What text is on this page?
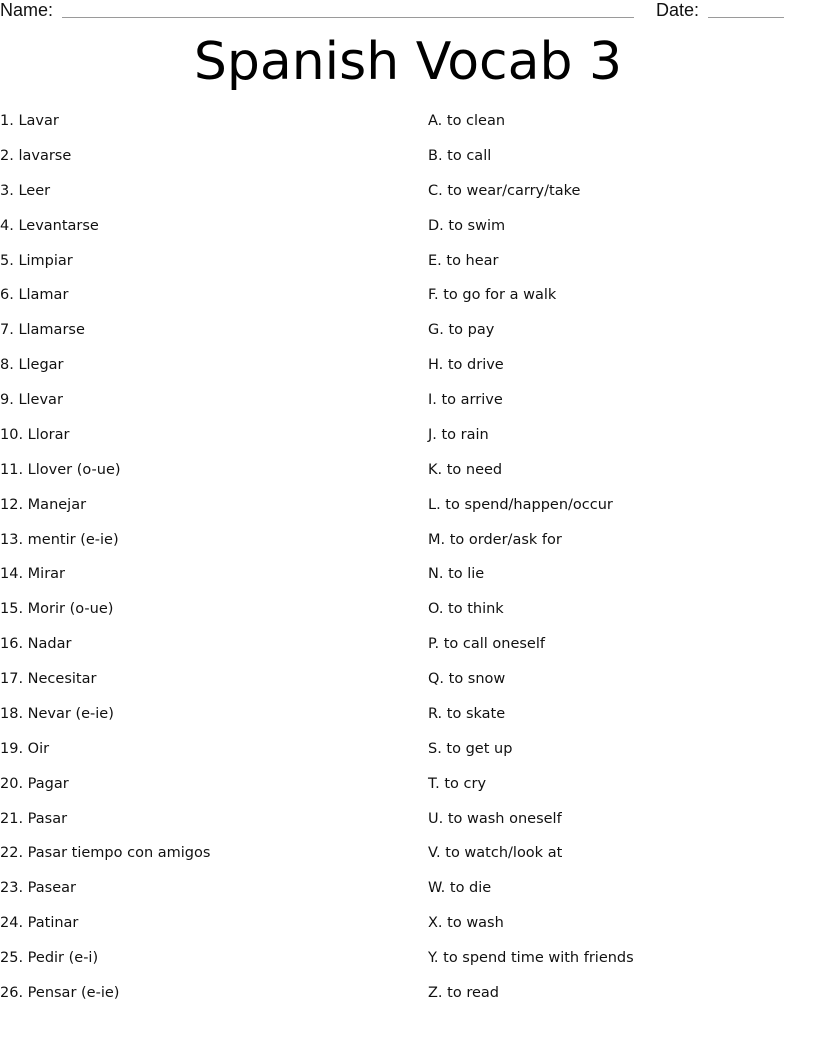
Name:	Date:
Spanish Vocab 3
1. Lavar
2. lavarse
3. Leer
4. Levantarse
5. Limpiar
6. Llamar
7. Llamarse
8. Llegar
9. Llevar
10. Llorar
11. Llover (o-ue)
12. Manejar
13. mentir (e-ie)
14. Mirar
15. Morir (o-ue)
16. Nadar
17. Necesitar
18. Nevar (e-ie)
19. Oir
20. Pagar
21. Pasar
22. Pasar tiempo con amigos
23. Pasear
24. Patinar
25. Pedir (e-i)
26. Pensar (e-ie)
A. to clean
B. to call
C. to wear/carry/take
D. to swim
E. to hear
F. to go for a walk
G. to pay
H. to drive
I. to arrive
J. to rain
K. to need
L. to spend/happen/occur
M. to order/ask for
N. to lie
O. to think
P. to call oneself
Q. to snow
R. to skate
S. to get up
T. to cry
U. to wash oneself
V. to watch/look at
W. to die
X. to wash
Y. to spend time with friends
Z. to read
